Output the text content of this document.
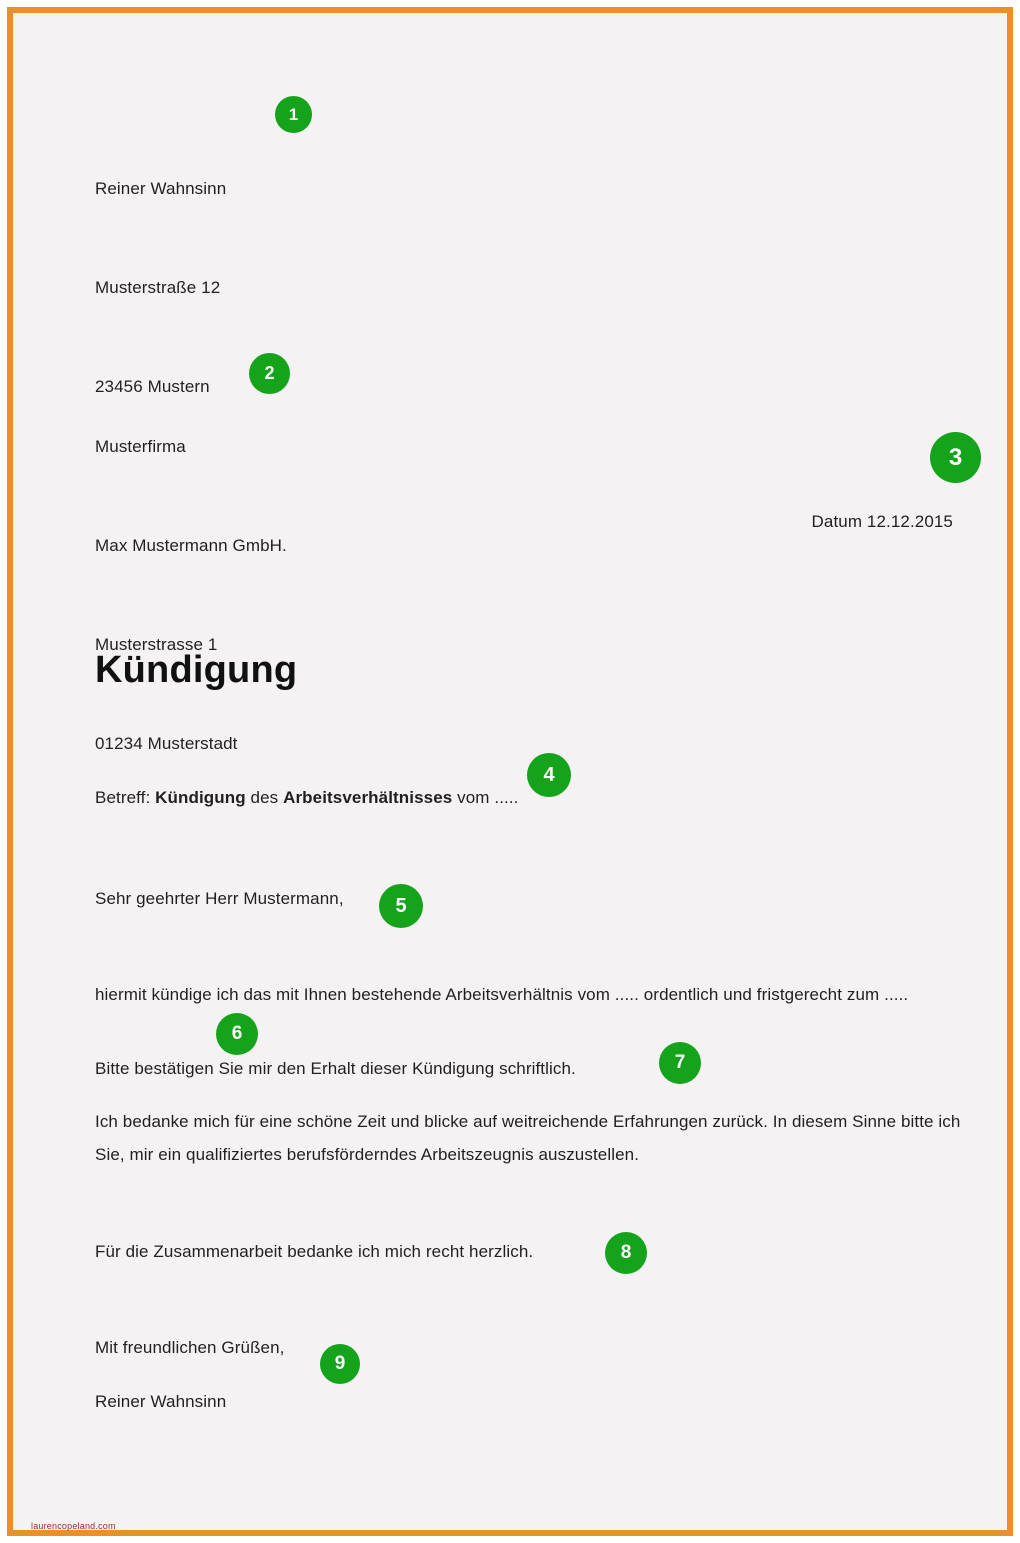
Reiner Wahnsinn

Musterstraße 12

23456 Mustern

Musterfirma

Max Mustermann GmbH.

Musterstrasse 1

01234 Musterstadt

Datum 12.12.2015
Kündigung
Betreff: Kündigung des Arbeitsverhältnisses vom .....
Sehr geehrter Herr Mustermann,
hiermit kündige ich das mit Ihnen bestehende Arbeitsverhältnis vom ..... ordentlich und fristgerecht zum .....
Bitte bestätigen Sie mir den Erhalt dieser Kündigung schriftlich.
Ich bedanke mich für eine schöne Zeit und blicke auf weitreichende Erfahrungen zurück. In diesem Sinne bitte ich Sie, mir ein qualifiziertes berufsförderndes Arbeitszeugnis auszustellen.
Für die Zusammenarbeit bedanke ich mich recht herzlich.
Mit freundlichen Grüßen,
Reiner Wahnsinn
1
2
3
4
5
6
7
8
9
laurencopeland.com
